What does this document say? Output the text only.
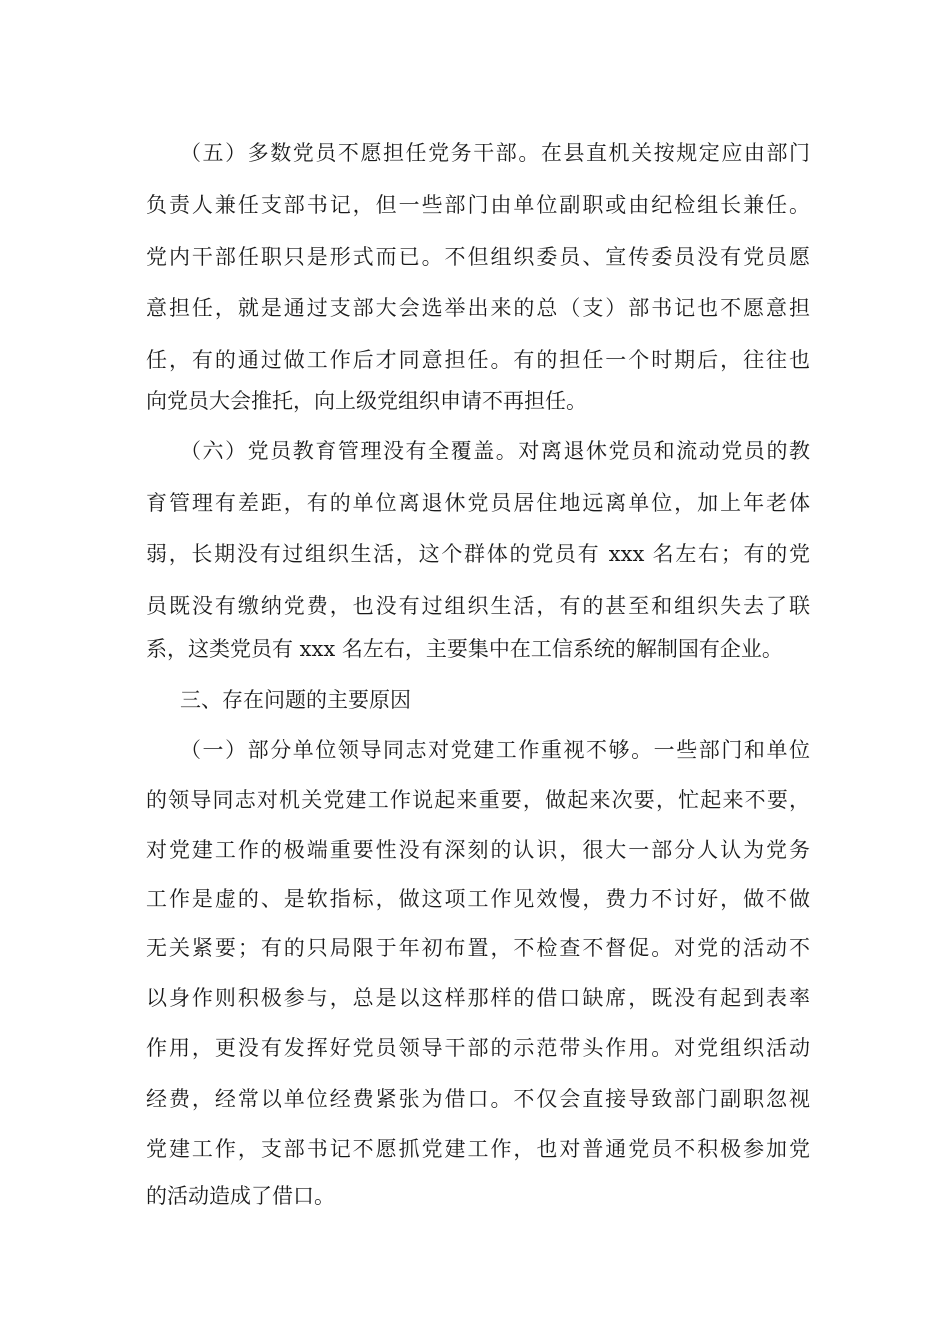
（五）多数党员不愿担任党务干部。在县直机关按规定应由部门
负责人兼任支部书记，但一些部门由单位副职或由纪检组长兼任。
党内干部任职只是形式而已。不但组织委员、宣传委员没有党员愿
意担任，就是通过支部大会选举出来的总（支）部书记也不愿意担
任，有的通过做工作后才同意担任。有的担任一个时期后，往往也
向党员大会推托，向上级党组织申请不再担任。
（六）党员教育管理没有全覆盖。对离退休党员和流动党员的教
育管理有差距，有的单位离退休党员居住地远离单位，加上年老体
弱，长期没有过组织生活，这个群体的党员有 xxx 名左右；有的党
员既没有缴纳党费，也没有过组织生活，有的甚至和组织失去了联
系，这类党员有 xxx 名左右，主要集中在工信系统的解制国有企业。
三、存在问题的主要原因
（一）部分单位领导同志对党建工作重视不够。一些部门和单位
的领导同志对机关党建工作说起来重要，做起来次要，忙起来不要，
对党建工作的极端重要性没有深刻的认识，很大一部分人认为党务
工作是虚的、是软指标，做这项工作见效慢，费力不讨好，做不做
无关紧要；有的只局限于年初布置，不检查不督促。对党的活动不
以身作则积极参与，总是以这样那样的借口缺席，既没有起到表率
作用，更没有发挥好党员领导干部的示范带头作用。对党组织活动
经费，经常以单位经费紧张为借口。不仅会直接导致部门副职忽视
党建工作，支部书记不愿抓党建工作，也对普通党员不积极参加党
的活动造成了借口。
